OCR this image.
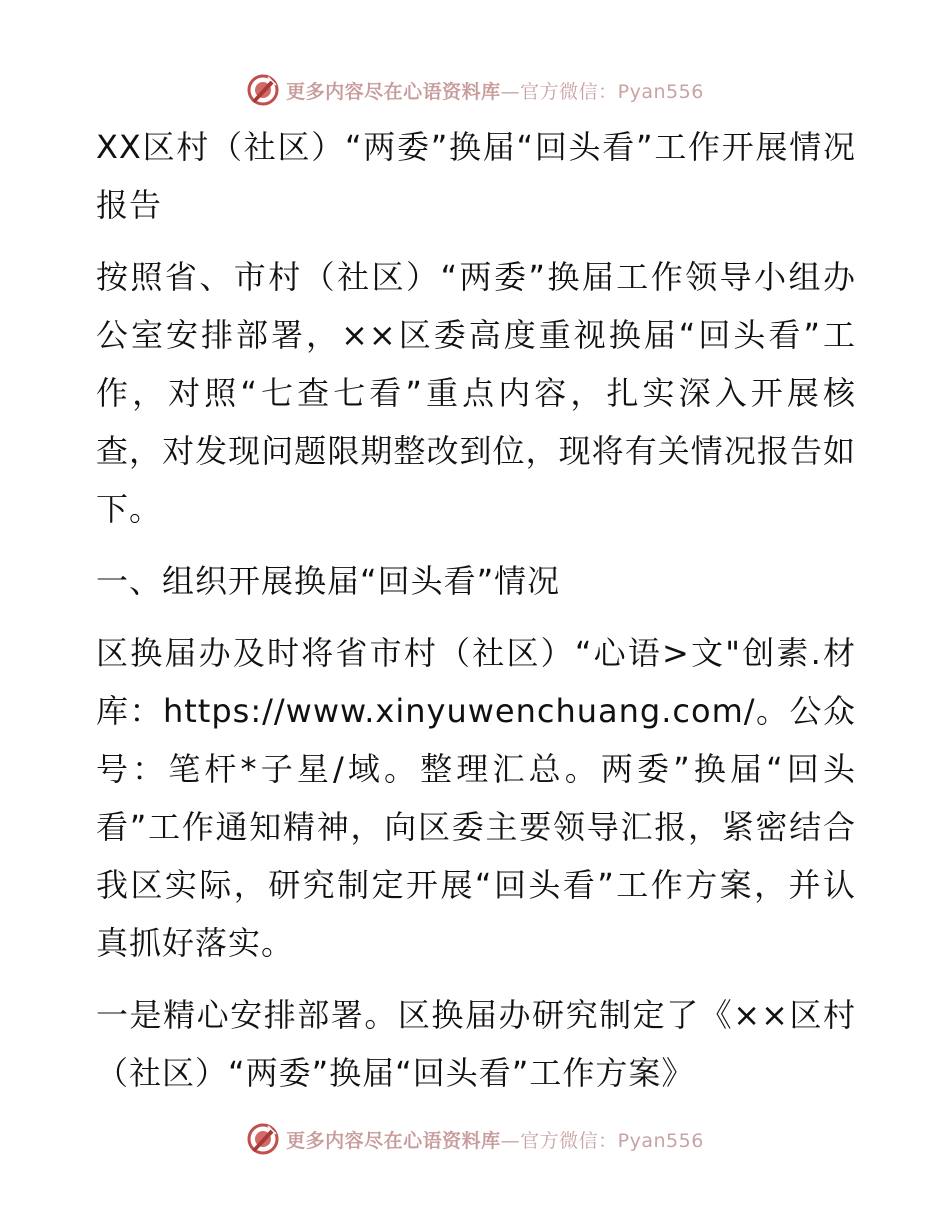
更多内容尽在心语资料库—官方微信：Pyan556

XX区村（社区）“两委”换届“回头看”工作开展情况报告

按照省、市村（社区）“两委”换届工作领导小组办公室安排部署，××区委高度重视换届“回头看”工作，对照“七查七看”重点内容，扎实深入开展核查，对发现问题限期整改到位，现将有关情况报告如下。

一、组织开展换届“回头看”情况

区换届办及时将省市村（社区）“心语>文"创素.材库：https://www.xinyuwenchuang.com/。公众号：笔杆*子星/域。整理汇总。两委”换届“回头看”工作通知精神，向区委主要领导汇报，紧密结合我区实际，研究制定开展“回头看”工作方案，并认真抓好落实。

一是精心安排部署。区换届办研究制定了《××区村（社区）“两委”换届“回头看”工作方案》

更多内容尽在心语资料库—官方微信：Pyan556
